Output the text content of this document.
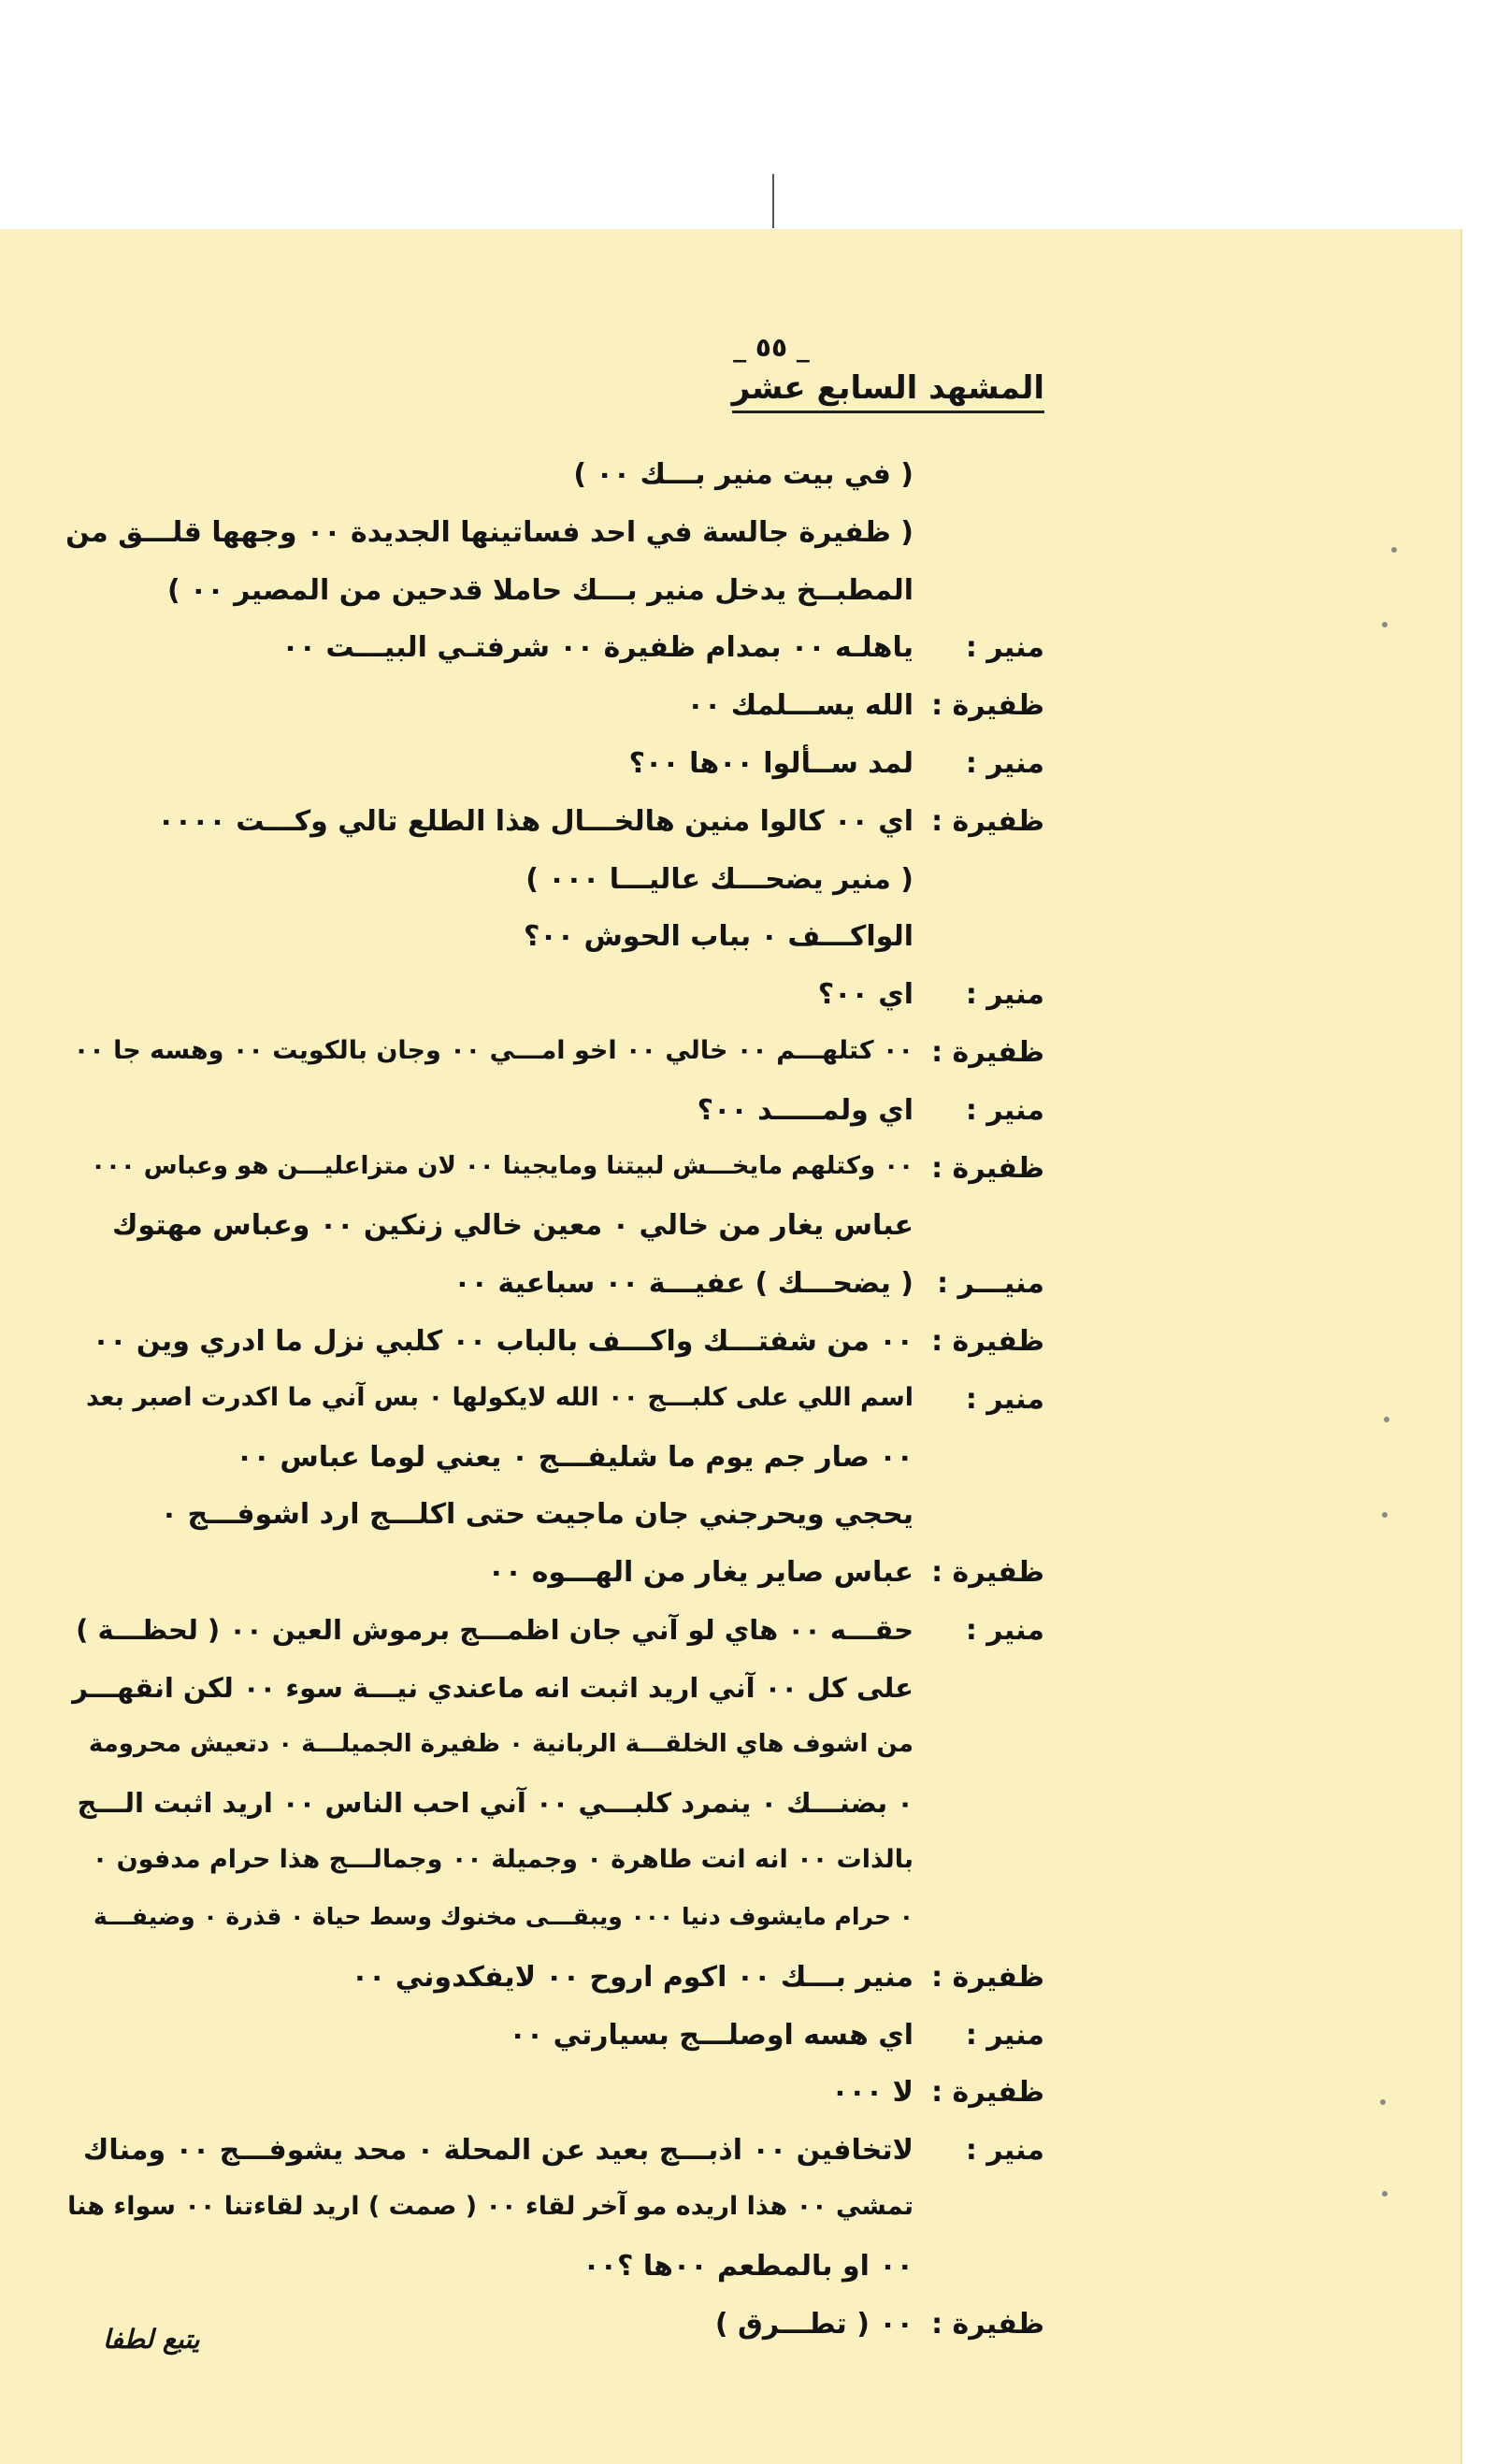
_ ٥٥ _
المشهد السابع عشر
( في بيت منير بـــك ٠٠ )
( ظفيرة جالسة في احد فساتينها الجديدة ٠٠ وجهها قلـــق من
المطبــخ يدخل منير بـــك حاملا قدحين من المصير ٠٠ )
منير :
ياهلـه ٠٠ بمدام ظفيرة ٠٠ شرفتـي البيـــت ٠٠
ظفيرة :
الله يســـلمك ٠٠
منير :
لمد ســألوا ٠٠ها ٠٠؟
ظفيرة :
اي ٠٠ كالوا منين هالخـــال هذا الطلع تالي وكـــت ٠٠٠٠
( منير يضحـــك عاليـــا ٠٠٠ )
الواكـــف ٠ بباب الحوش ٠٠؟
منير :
اي ٠٠؟
ظفيرة :
٠٠ كتلهـــم ٠٠ خالي ٠٠ اخو امـــي ٠٠ وجان بالكويت ٠٠ وهسه جا ٠٠
منير :
اي ولمـــــد ٠٠؟
ظفيرة :
٠٠ وكتلهم مايخـــش لبيتنا ومايجينا ٠٠ لان متزاعليـــن هو وعباس ٠٠٠
عباس يغار من خالي ٠ معين خالي زنكين ٠٠ وعباس مهتوك
منيـــر :
( يضحـــك ) عفيـــة ٠٠ سباعية ٠٠
ظفيرة :
٠٠ من شفتـــك واكـــف بالباب ٠٠ كلبي نزل ما ادري وين ٠٠
منير :
اسم اللي على كلبـــج ٠٠ الله لايكولها ٠ بس آني ما اكدرت اصبر بعد
٠٠ صار جم يوم ما شليفـــج ٠ يعني لوما عباس ٠٠
يحجي ويحرجني جان ماجيت حتى اكلـــج ارد اشوفـــج ٠
ظفيرة :
عباس صاير يغار من الهـــوه ٠٠
منير :
حقـــه ٠٠ هاي لو آني جان اظمـــج برموش العين ٠٠ ( لحظـــة )
على كل ٠٠ آني اريد اثبت انه ماعندي نيـــة سوء ٠٠ لكن انقهـــر
من اشوف هاي الخلقـــة الربانية ٠ ظفيرة الجميلـــة ٠ دتعيش محرومة
٠ بضنـــك ٠ ينمرد كلبـــي ٠٠ آني احب الناس ٠٠ اريد اثبت الـــج
بالذات ٠٠ انه انت طاهرة ٠ وجميلة ٠٠ وجمالـــج هذا حرام مدفون ٠
٠ حرام مايشوف دنيا ٠٠٠ ويبقـــى مخنوك وسط حياة ٠ قذرة ٠ وضيفـــة
ظفيرة :
منير بـــك ٠٠ اكوم اروح ٠٠ لايفكدوني ٠٠
منير :
اي هسه اوصلـــج بسيارتي ٠٠
ظفيرة :
لا ٠٠٠
منير :
لاتخافين ٠٠ اذبـــج بعيد عن المحلة ٠ محد يشوفـــج ٠٠ ومناك
تمشي ٠٠ هذا اريده مو آخر لقاء ٠٠ ( صمت ) اريد لقاءتنا ٠٠ سواء هنا
٠٠ او بالمطعم ٠٠ها ؟٠٠
ظفيرة :
٠٠ ( تطـــرق )
يتبع لطفا
